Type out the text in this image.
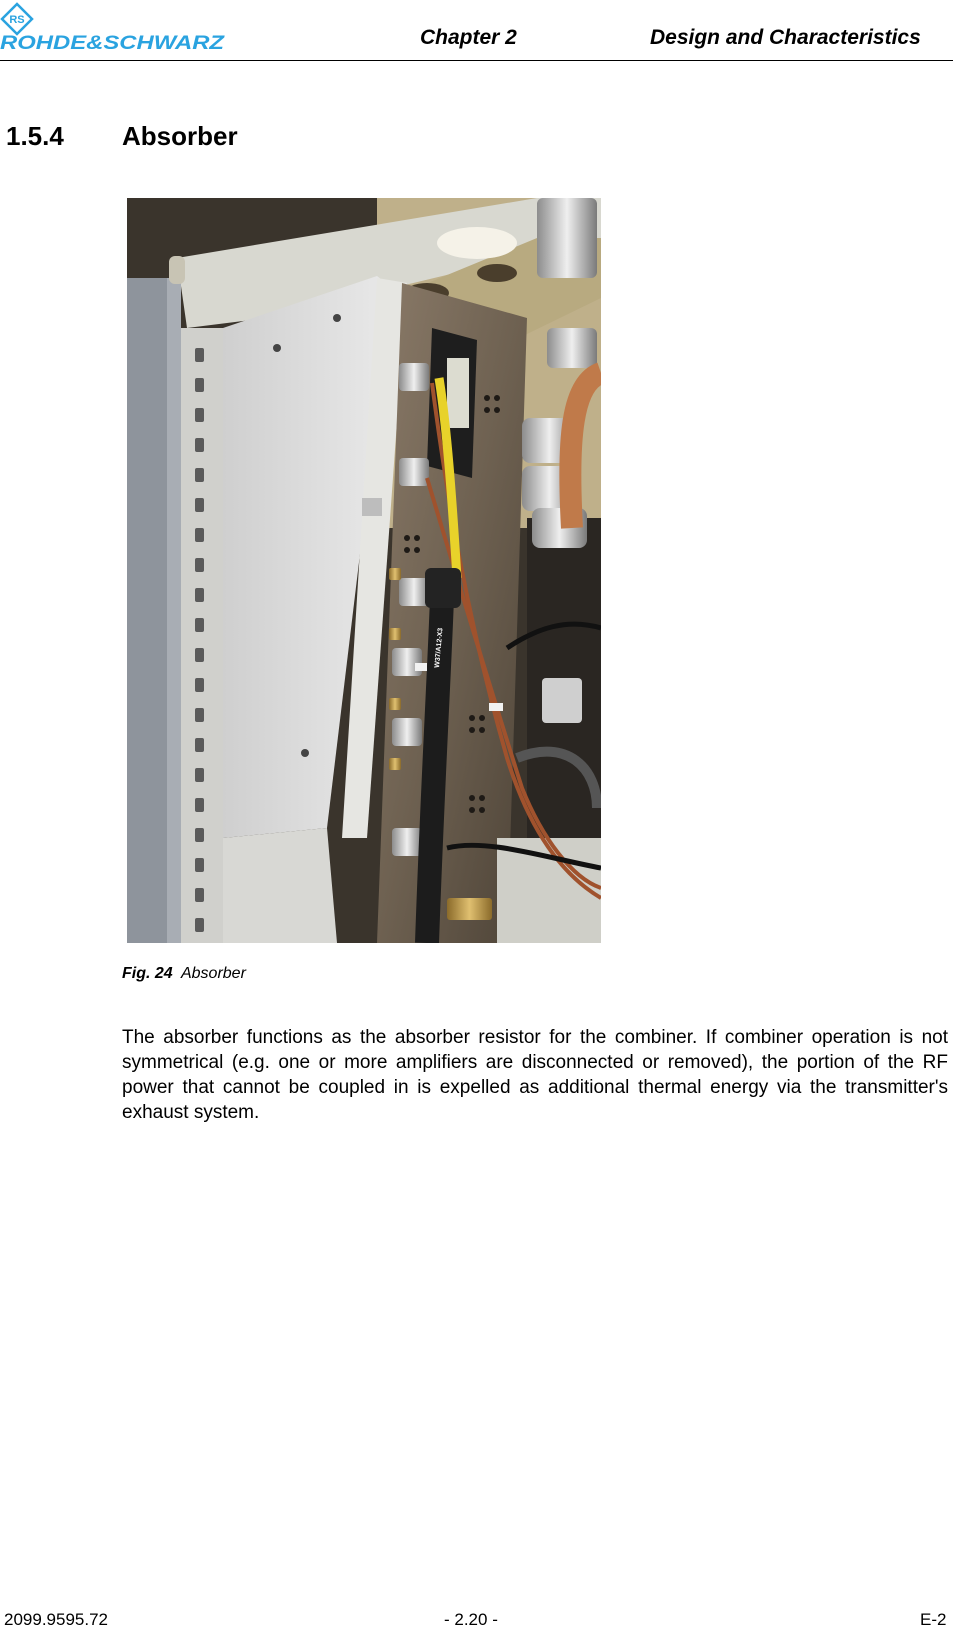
RS
ROHDE&SCHWARZ	Chapter 2	Design and Characteristics
1.5.4 Absorber
W37/A12-X3
Fig. 24 Absorber
The absorber functions as the absorber resistor for the combiner. If combiner operation is not symmetrical (e.g. one or more amplifiers are disconnected or removed), the portion of the RF power that cannot be coupled in is expelled as additional thermal energy via the transmitter's exhaust system.
2099.9595.72	- 2.20 -	E-2
